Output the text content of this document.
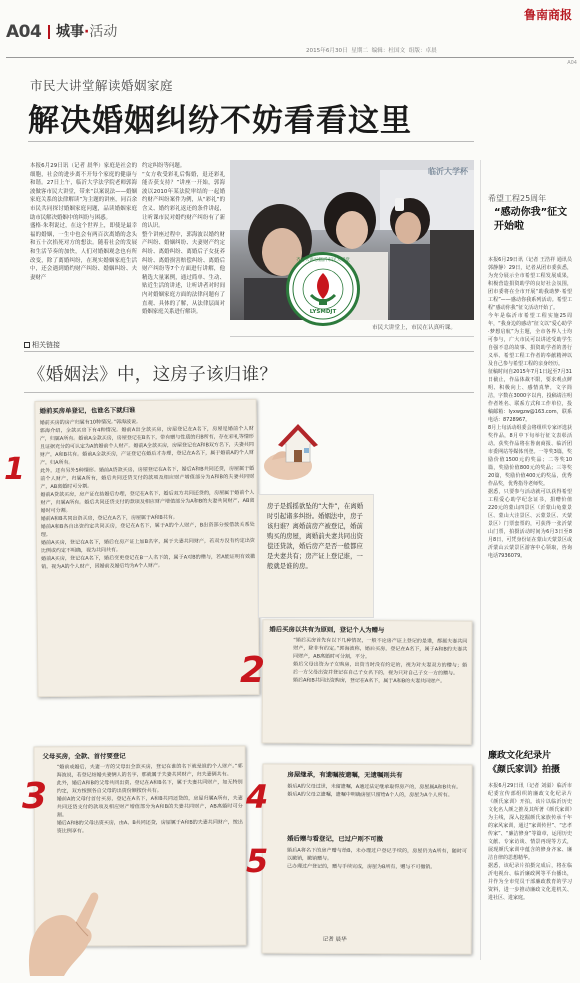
鲁南商报
A04 城事·活动
2015年6月30日 星期二 编辑：杜国文 组版：卓晨
A04
市民大讲堂解读婚姻家庭
解决婚姻纠纷不妨看看这里
本报6月29日讯（记者 晨华）家庭是社会的细胞，社会的进步离不开每个家庭的健康与和谐。27日上午，临沂大学法学院老师郭海波做客市民大讲堂，带来“以案说法——婚姻家庭关系的法律解读”为主题的讲座，同百余市民共同探讨婚姻家庭问题，品读婚姻家庭助市民解决婚姻中的纠纷与困惑。
盛格·朱利说过，在这个世界上，即使是最幸福的婚姻，一生中也会有两百次离婚的念头和五十次掐死对方的想法。随着社会的发展和生活节奏的加快，人们对婚姻观念也有所改变，除了离婚纠纷，在现实婚姻家庭生活中，还会遇到婚约财产纠纷、婚姻纠纷、夫妻财产
约定纠纷等问题。
“女方收受彩礼后悔婚，退还彩礼能否获支持？”讲座一开始，郭海波以2010年某法院审结的一起婚约财产纠纷案件为例，从“彩礼”的含义、婚约彩礼返还的条件讲起，让听课市民对婚约财产纠纷有了新的认识。
整个讲座过程中，郭海波以婚约财产纠纷、婚姻纠纷、夫妻财产约定纠纷、离婚纠纷、离婚后子女抚养纠纷、离婚损害赔偿纠纷、离婚后财产纠纷等7个方面进行讲解，他精选大量案例，通过简单、生动、贴近生活的讲述，让听讲者对时间内对婚姻家庭方面的法律问题有了直观、具体的了解，从法律层面对婚姻家庭关系进行解读。
临沂大学杯
齐鲁大讲坛临沂市民大讲堂
LYSMDJT
市民大讲堂上，市民在认真听课。
相关链接
《婚姻法》中，这房子该归谁？
婚前买房单登记，也谁名下就归谁
婚前买房的房产归属有10种情况。”郭海波说。
郭海介绍，全款买房下有4种情况。婚前A出全款买房，房屋登记在A名下，房屋是婚前个人财产，归属A所有。婚前A全款买房，房屋登记在B名下，带有赠与性质的归B所有，存在彩礼等情形且证据充分的可认定为A的婚前个人财产。婚前A全款买房，房屋登记在A和B双方名下，夫妻共同财产，A和B共有。婚前A全款买房，产证登记在婚后才办理，登记在A名下，属于婚前A的个人财产，归A所有。
此外，还有另外5种情形。婚前A贷款买房，房屋登记在A名下，婚后A和B共同还贷，房屋属于婚前个人财产，归属A所有，婚后共同还贷支付的款项及相应财产增值部分为A和B的夫妻共同财产，AB离婚时可分割。
婚前A贷款买房，房产证在结婚后办理，登记在A名下，婚后双方共同还贷的，房屋属于婚前个人财产，归属A所有。婚后共同还贷支付的款项及相应财产增值部分为A和B的夫妻共同财产，AB离婚时可分割。
婚前A和B共同出资买房，登记在A名下，房屋属于A和B共有。
婚前A和B各自出资约定共同买房，登记在A名下，属于A的个人财产，B出资部分按借款关系处理。
婚前A买房，登记在A名下，婚后在房产证上加B名字，属于夫妻共同财产，若双方没有约定出资比例或约定不明确，视为共同共有。
婚前A买房，登记在A名下，婚后变更登记在B一人名下的，属于A对B的赠与，若A能证明有效撤销，视为A的个人财产，因婚前及婚后均为A个人财产。
1
房子是摇摇欲坠的“大件”，在离婚时引起诸多纠纷。婚姻法中，房子该归谁？离婚前房产被登记，婚前购买的房屋，离婚前夫妻共同出资偿还贷款，婚后房产是否一般都应是夫妻共有；房产证上登记谁，一般就是谁的房。
婚后买房以共有为原则，登记个人为赠与
“婚后买房首先有以下几种情况，一般不论房产证上登记的是谁，都属夫妻共同财产，除非有约定。”郭海波称，婚后买房，登记在A名下，属于A和B的夫妻共同财产，AB离婚时可分割，平分。
婚后父母出资为子女购房，出资当时没有约定的，视为对夫妻双方的赠与；婚后一方父母出资并登记在自己子女名下的，视为只对自己子女一方的赠与。
婚后A和B共同出资购房，登记在A名下，属于A和B的夫妻共同财产。
2
父母买房，全款、首付要登记
“婚前或婚后，夫妻一方的父母出全款买房，登记在谁的名下就是谁的个人财产。”郭海波说，若登记结婚夫妻俩人的名字，那就属于夫妻共同财产，归夫妻俩共有。
此外，婚后A和B的父母共同出资，登记在A和B名下，属于夫妻共同财产，如无特别约定，双方按照各自父母的出资份额按份共有。
婚前A的父母付首付买房，登记在A名下，A和B共同还贷的，房屋归属A所有，夫妻共同还贷支付的款项及相应财产增值部分为A和B的夫妻共同财产，AB离婚时可分割。
婚后A和B的父母出资买房，由A、B共同还贷，房屋属于A和B的夫妻共同财产，按出资比例享有。
3
房屋继承，有遗嘱按遗嘱，无遗嘱则共有
婚后A的父母过世，未留遗嘱，A通过法定继承取得房产的，房屋属A和B共有。
婚后A的父母立遗嘱，遗嘱中明确房屋只留给A个人的，房屋为A个人所有。
婚后赠与看登记，已过户则不可撤
婚后A将名下的房产赠与给B，未办理过户登记手续的，房屋仍为A所有，随时可以撤销，撤销赠与。
已办理过户登记的，赠与手续完成，房屋为B所有，赠与不可撤销。
记者 晨华
4
5
希望工程25周年
“感动你我”征文开始啦
本报6月29日讯（记者 王浩祥 通讯员 郭静静）29日，记者从团市委获悉，为充分展示全市希望工程发展成果，积极营造捐资助学的良好社会氛围，团市委将在全市开展“助我助梦·希望工程”——感动你我系列活动。希望工程“感动你我”征文活动开始了。
今年是临沂市希望工程实施25周年，“我身边的感动”征文以“爱心助学·梦想启航”为主题，全市各界人士均可参与，广大市民可以讲述受助学生自强不息的故事、捐资助学者的善行义举、希望工程工作者的奉献精神以及自己参与希望工程的亲身经历。
征稿时间自2015年7月1日起至7月31日截止，作品体裁不限，要求观点鲜明、积极向上、感情真挚，文字简洁，字数在3000字以内，投稿请注明作者姓名、联系方式和工作单位，投稿邮箱：lyxwgzw@163.com，联系电话：8728967。
8月上旬活动组委会将组织专家评选获奖作品，8月中下旬举行征文表彰活动。获奖作品将在鲁南商报、临沂团市委网站等媒体刊登。一等奖3篇，奖励价值1500元的奖品；二等奖10篇，奖励价值800元的奖品；三等奖20篇，奖励价值400元的奖品，优秀作品奖，优秀指导老师奖。
据悉，只要参与活动就可以获得希望工程爱心助学纪念证书，捐赠价值220元的蒙山四景区（沂蒙山龟蒙景区、蒙山大洼景区、云蒙景区、天蒙景区）门票套票的，可获得一张沂蒙山门票，拍摄活动时间为6月3日至8月8日，可凭身份证在蒙山天蒙景区或沂蒙山云蒙景区游客中心领取，咨询电话7936079。
廉政文化纪录片
《颜氏家训》拍摄
本报6月29日讯（记者 刘溢）临沂市纪委宣传部组织的廉政文化纪录片《颜氏家训》开拍。该片以临沂历史文化名人颜之推及其所著《颜氏家训》为主线，深入挖掘颜氏家族传承千年的家风家训，通过“家训传世”、“忠孝传家”、“廉洁修身”等篇章，运用历史文献、专家访谈、情景再现等方式，展现颜氏家训中蕴含的修身齐家、廉洁自律的思想精华。
据悉，该纪录片拍摄完成后，将在临沂电视台、临沂廉政网等平台播出，并作为全市党员干部廉政教育的学习资料，进一步推动廉政文化进机关、进社区、进家庭。
